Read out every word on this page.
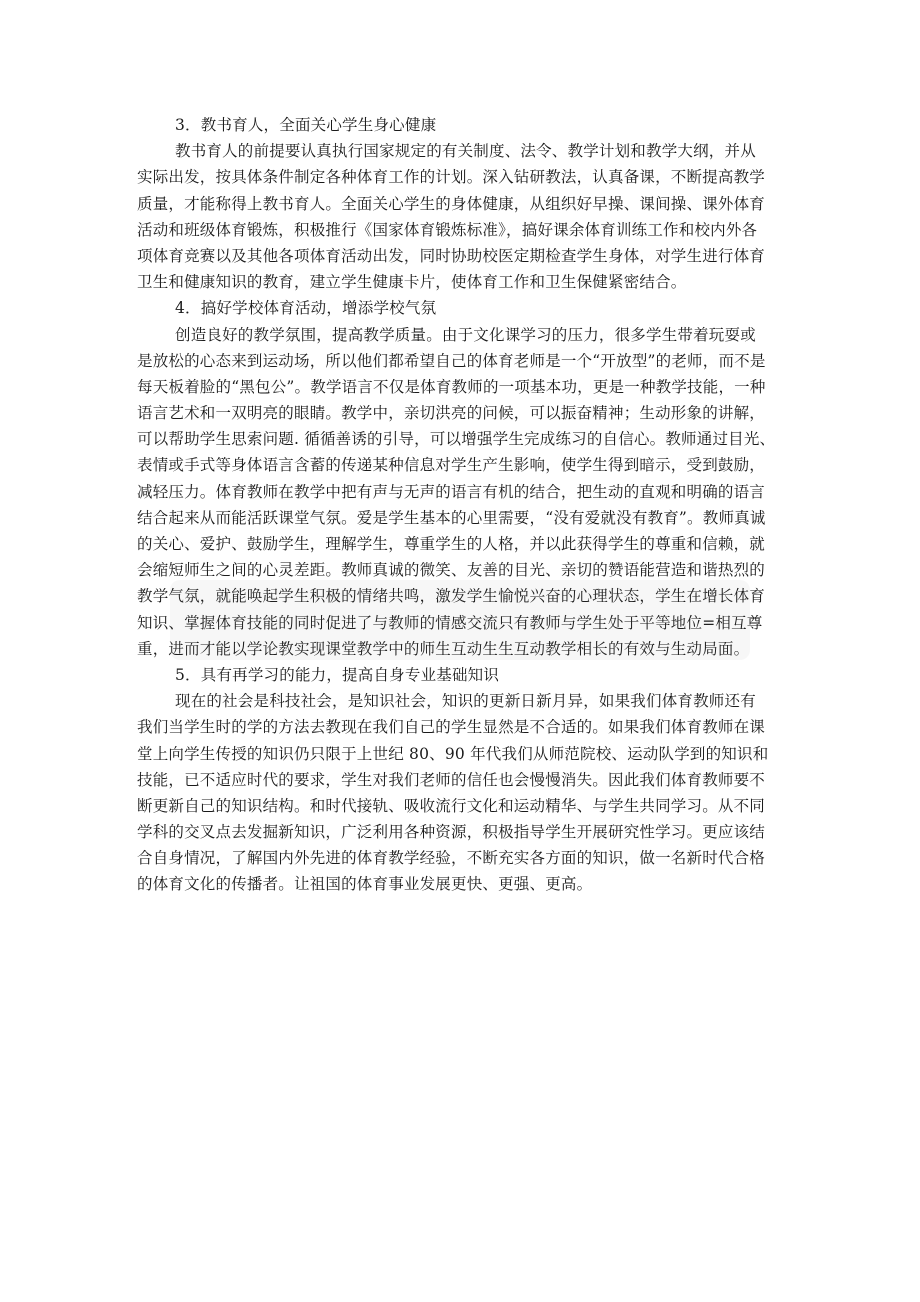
3．教书育人，全面关心学生身心健康
教书育人的前提要认真执行国家规定的有关制度、法令、教学计划和教学大纲，并从
实际出发，按具体条件制定各种体育工作的计划。深入钻研教法，认真备课，不断提高教学
质量，才能称得上教书育人。全面关心学生的身体健康，从组织好早操、课间操、课外体育
活动和班级体育锻炼，积极推行《国家体育锻炼标准》，搞好课余体育训练工作和校内外各
项体育竞赛以及其他各项体育活动出发，同时协助校医定期检查学生身体，对学生进行体育
卫生和健康知识的教育，建立学生健康卡片，使体育工作和卫生保健紧密结合。
4．搞好学校体育活动，增添学校气氛
创造良好的教学氛围，提高教学质量。由于文化课学习的压力，很多学生带着玩耍或
是放松的心态来到运动场，所以他们都希望自己的体育老师是一个“开放型”的老师，而不是
每天板着脸的“黑包公”。教学语言不仅是体育教师的一项基本功，更是一种教学技能，一种
语言艺术和一双明亮的眼睛。教学中，亲切洪亮的问候，可以振奋精神；生动形象的讲解，
可以帮助学生思索问题. 循循善诱的引导，可以增强学生完成练习的自信心。教师通过目光、
表情或手式等身体语言含蓄的传递某种信息对学生产生影响，使学生得到暗示，受到鼓励，
减轻压力。体育教师在教学中把有声与无声的语言有机的结合，把生动的直观和明确的语言
结合起来从而能活跃课堂气氛。爱是学生基本的心里需要，“没有爱就没有教育”。教师真诚
的关心、爱护、鼓励学生，理解学生，尊重学生的人格，并以此获得学生的尊重和信赖，就
会缩短师生之间的心灵差距。教师真诚的微笑、友善的目光、亲切的赞语能营造和谐热烈的
教学气氛，就能唤起学生积极的情绪共鸣，激发学生愉悦兴奋的心理状态，学生在增长体育
知识、掌握体育技能的同时促进了与教师的情感交流只有教师与学生处于平等地位=相互尊
重，进而才能以学论教实现课堂教学中的师生互动生生互动教学相长的有效与生动局面。
5．具有再学习的能力，提高自身专业基础知识
现在的社会是科技社会，是知识社会，知识的更新日新月异，如果我们体育教师还有
我们当学生时的学的方法去教现在我们自己的学生显然是不合适的。如果我们体育教师在课
堂上向学生传授的知识仍只限于上世纪 80、90 年代我们从师范院校、运动队学到的知识和
技能，已不适应时代的要求，学生对我们老师的信任也会慢慢消失。因此我们体育教师要不
断更新自己的知识结构。和时代接轨、吸收流行文化和运动精华、与学生共同学习。从不同
学科的交叉点去发掘新知识，广泛利用各种资源，积极指导学生开展研究性学习。更应该结
合自身情况，了解国内外先进的体育教学经验，不断充实各方面的知识，做一名新时代合格
的体育文化的传播者。让祖国的体育事业发展更快、更强、更高。
